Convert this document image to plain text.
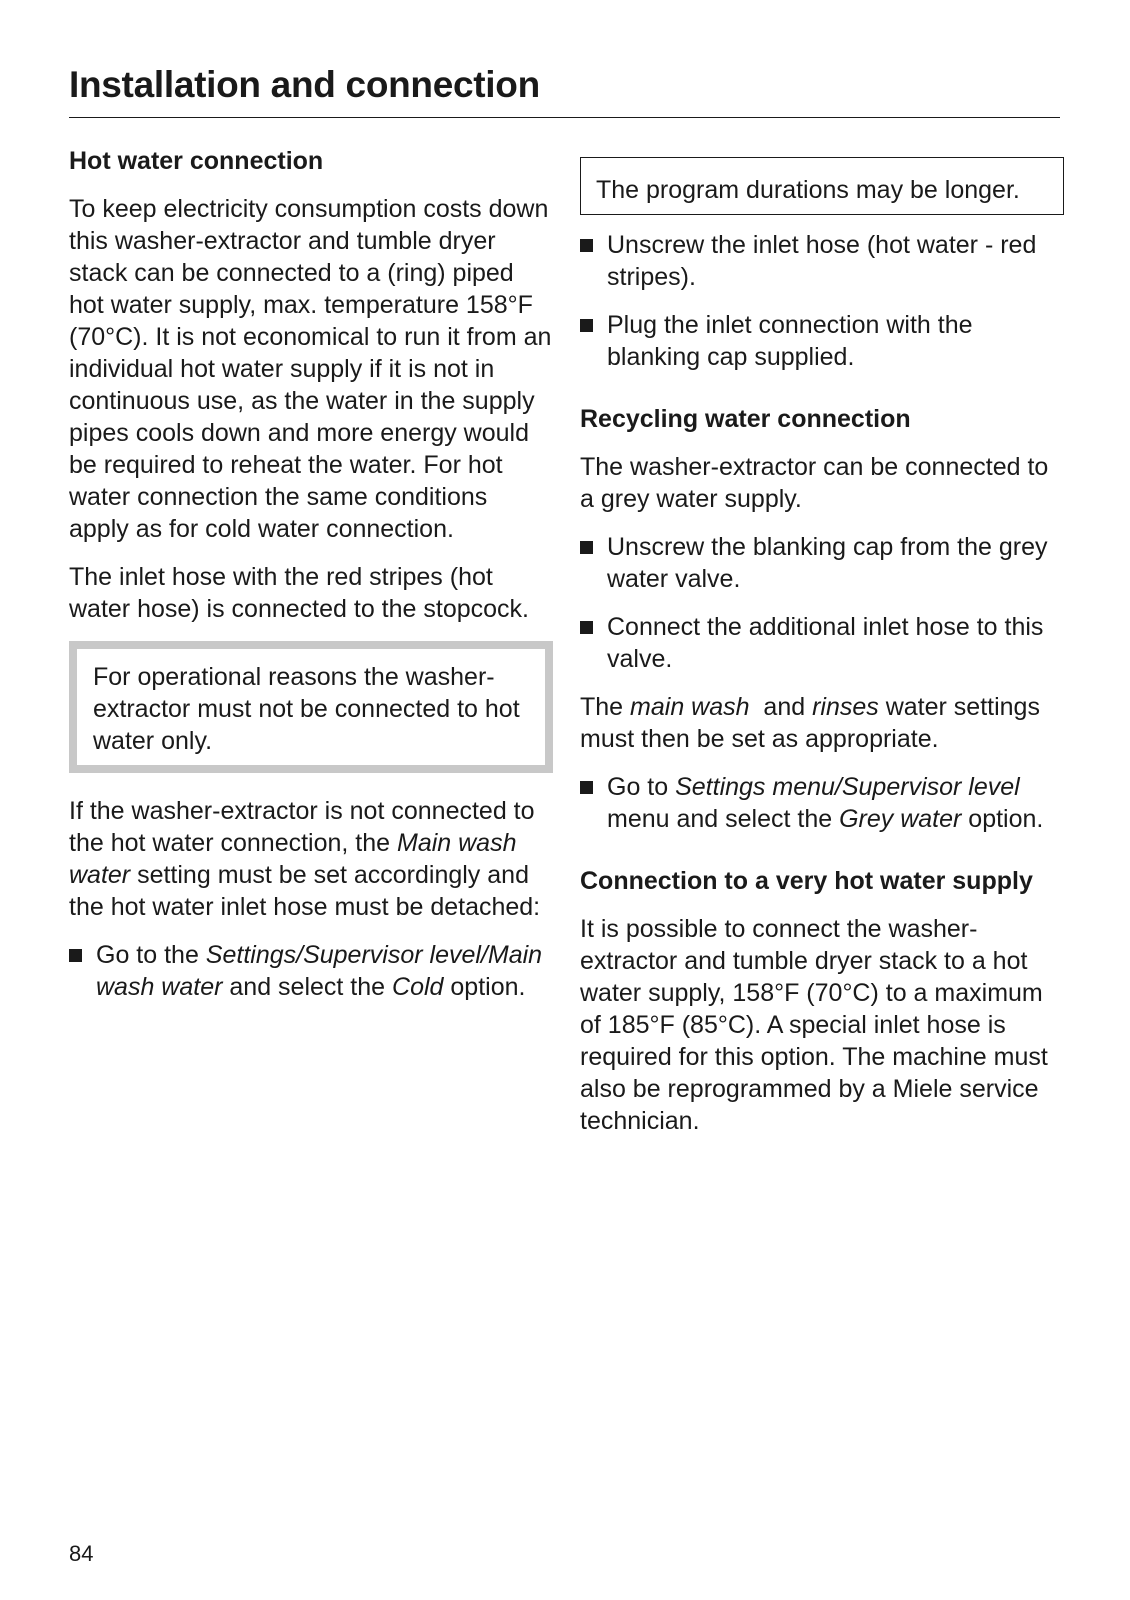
Installation and connection
Hot water connection

To keep electricity consumption costs down this washer-extractor and tumble dryer stack can be connected to a (ring) piped hot water supply, max. temperature 158°F (70°C). It is not economical to run it from an individual hot water supply if it is not in continuous use, as the water in the supply pipes cools down and more energy would be required to reheat the water. For hot water connection the same conditions apply as for cold water connection.

The inlet hose with the red stripes (hot water hose) is connected to the stopcock.

For operational reasons the washer-extractor must not be connected to hot water only.

If the washer-extractor is not connected to the hot water connection, the Main wash water setting must be set accordingly and the hot water inlet hose must be detached:

Go to the Settings/Supervisor level/Main wash water and select the Cold option.

The program durations may be longer.

Unscrew the inlet hose (hot water - red stripes).
Plug the inlet connection with the blanking cap supplied.
Recycling water connection

The washer-extractor can be connected to a grey water supply.

Unscrew the blanking cap from the grey water valve.
Connect the additional inlet hose to this valve.

The main wash  and rinses water settings must then be set as appropriate.

Go to Settings menu/Supervisor level menu and select the Grey water option.
Connection to a very hot water supply

It is possible to connect the washer-extractor and tumble dryer stack to a hot water supply, 158°F (70°C) to a maximum of 185°F (85°C). A special inlet hose is required for this option. The machine must also be reprogrammed by a Miele service technician.

84
